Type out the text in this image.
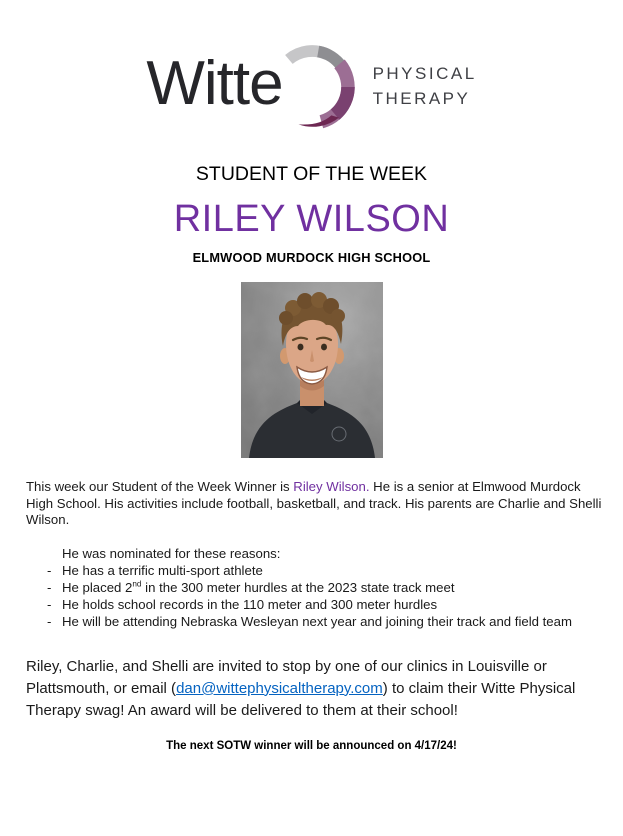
Witte	PHYSICAL
THERAPY
STUDENT OF THE WEEK
RILEY WILSON
ELMWOOD MURDOCK HIGH SCHOOL

This week our Student of the Week Winner is Riley Wilson. He is a senior at Elmwood Murdock High School. His activities include football, basketball, and track. His parents are Charlie and Shelli Wilson.

He was nominated for these reasons:
- He has a terrific multi-sport athlete
- He placed 2nd in the 300 meter hurdles at the 2023 state track meet
- He holds school records in the 110 meter and 300 meter hurdles
- He will be attending Nebraska Wesleyan next year and joining their track and field team

Riley, Charlie, and Shelli are invited to stop by one of our clinics in Louisville or Plattsmouth, or email (dan@wittephysicaltherapy.com) to claim their Witte Physical Therapy swag! An award will be delivered to them at their school!

The next SOTW winner will be announced on 4/17/24!
